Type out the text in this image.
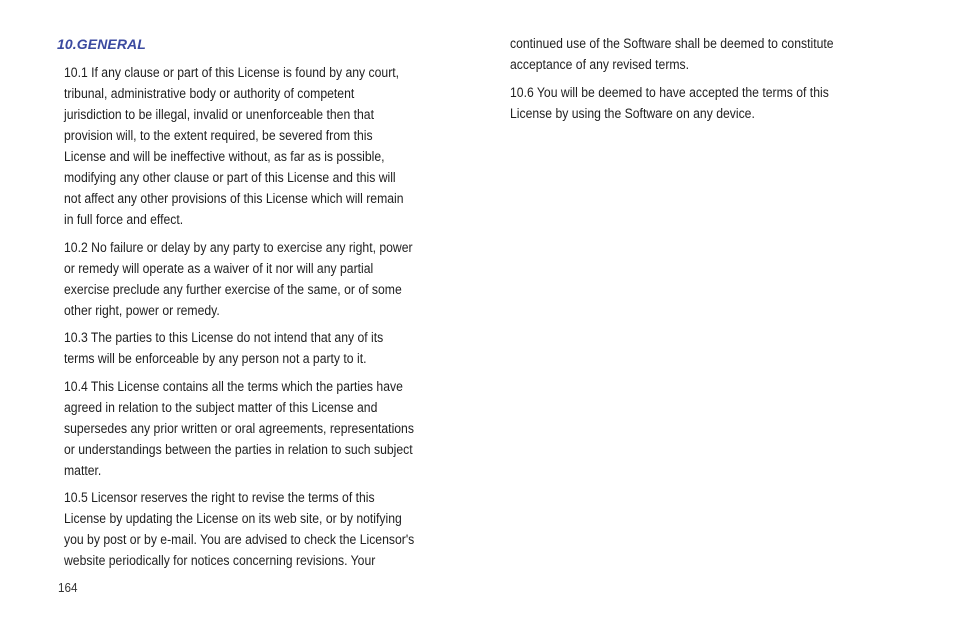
10.GENERAL
10.1 If any clause or part of this License is found by any court,
tribunal, administrative body or authority of competent
jurisdiction to be illegal, invalid or unenforceable then that
provision will, to the extent required, be severed from this
License and will be ineffective without, as far as is possible,
modifying any other clause or part of this License and this will
not affect any other provisions of this License which will remain
in full force and effect.
10.2 No failure or delay by any party to exercise any right, power
or remedy will operate as a waiver of it nor will any partial
exercise preclude any further exercise of the same, or of some
other right, power or remedy.
10.3 The parties to this License do not intend that any of its
terms will be enforceable by any person not a party to it.
10.4 This License contains all the terms which the parties have
agreed in relation to the subject matter of this License and
supersedes any prior written or oral agreements, representations
or understandings between the parties in relation to such subject
matter.
10.5 Licensor reserves the right to revise the terms of this
License by updating the License on its web site, or by notifying
you by post or by e-mail. You are advised to check the Licensor's
website periodically for notices concerning revisions. Your
continued use of the Software shall be deemed to constitute
acceptance of any revised terms.
10.6 You will be deemed to have accepted the terms of this
License by using the Software on any device.
164
